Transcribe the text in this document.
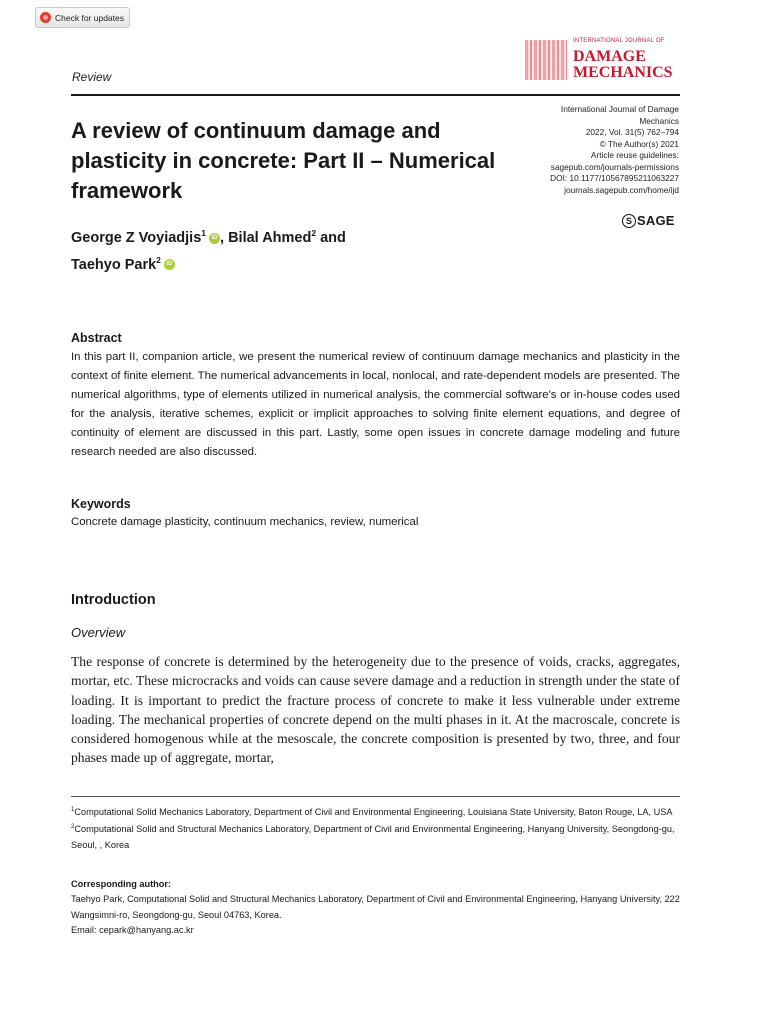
Check for updates
INTERNATIONAL JOURNAL OF
DAMAGE
MECHANICS
Review
A review of continuum damage and plasticity in concrete: Part II – Numerical framework
International Journal of Damage
Mechanics
2022, Vol. 31(5) 762–794
© The Author(s) 2021
Article reuse guidelines:
sagepub.com/journals-permissions
DOI: 10.1177/10567895211063227
journals.sagepub.com/home/ijd
S SAGE
George Z Voyiadjis$^1$ iD , Bilal Ahmed$^2$ and
Taehyo Park$^2$ iD
Abstract
In this part II, companion article, we present the numerical review of continuum damage mechanics and plasticity in the context of finite element. The numerical advancements in local, nonlocal, and rate-dependent models are presented. The numerical algorithms, type of elements utilized in numerical analysis, the commercial software's or in-house codes used for the analysis, iterative schemes, explicit or implicit approaches to solving finite element equations, and degree of continuity of element are discussed in this part. Lastly, some open issues in concrete damage modeling and future research needed are also discussed.
Keywords
Concrete damage plasticity, continuum mechanics, review, numerical
Introduction
Overview
The response of concrete is determined by the heterogeneity due to the presence of voids, cracks, aggregates, mortar, etc. These microcracks and voids can cause severe damage and a reduction in strength under the state of loading. It is important to predict the fracture process of concrete to make it less vulnerable under extreme loading. The mechanical properties of concrete depend on the multi phases in it. At the macroscale, concrete is considered homogenous while at the mesoscale, the concrete composition is presented by two, three, and four phases made up of aggregate, mortar,
$^1$Computational Solid Mechanics Laboratory, Department of Civil and Environmental Engineering, Louisiana State University, Baton Rouge, LA, USA
$^2$Computational Solid and Structural Mechanics Laboratory, Department of Civil and Environmental Engineering, Hanyang University, Seongdong-gu, Seoul, , Korea
Corresponding author:
Taehyo Park, Computational Solid and Structural Mechanics Laboratory, Department of Civil and Environmental Engineering, Hanyang University, 222 Wangsimni-ro, Seongdong-gu, Seoul 04763, Korea.
Email: cepark@hanyang.ac.kr
